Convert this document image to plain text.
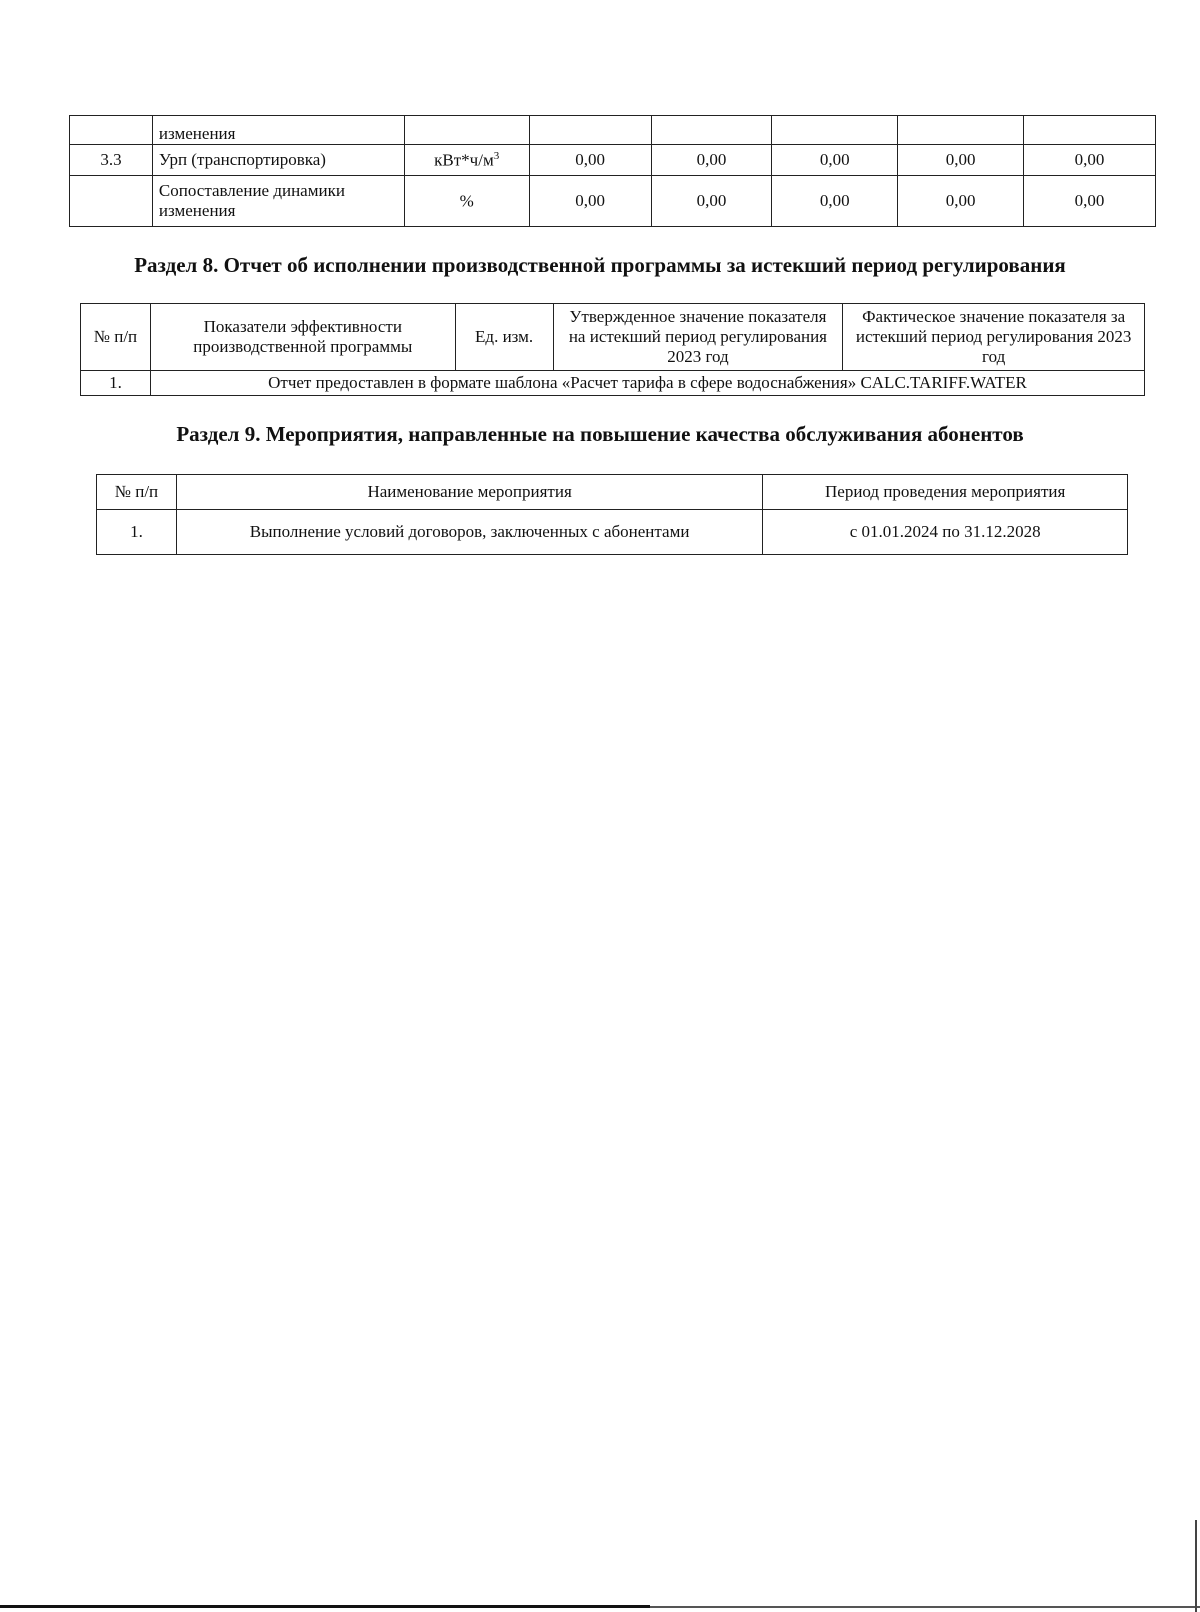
	изменения						
3.3	Урп (транспортировка)	$кВт*ч/м^3$	0,00	0,00	0,00	0,00	0,00
	Сопоставление динамики изменения	%	0,00	0,00	0,00	0,00	0,00
Раздел 8. Отчет об исполнении производственной программы за истекший период регулирования
№ п/п	Показатели эффективности производственной программы	Ед. изм.	Утвержденное значение показателя на истекший период регулирования 2023 год	Фактическое значение показателя за истекший период регулирования 2023 год
1.	Отчет предоставлен в формате шаблона «Расчет тарифа в сфере водоснабжения» CALC.TARIFF.WATER			
Раздел 9. Мероприятия, направленные на повышение качества обслуживания абонентов
№ п/п	Наименование мероприятия	Период проведения мероприятия
1.	Выполнение условий договоров, заключенных с абонентами	с 01.01.2024 по 31.12.2028
